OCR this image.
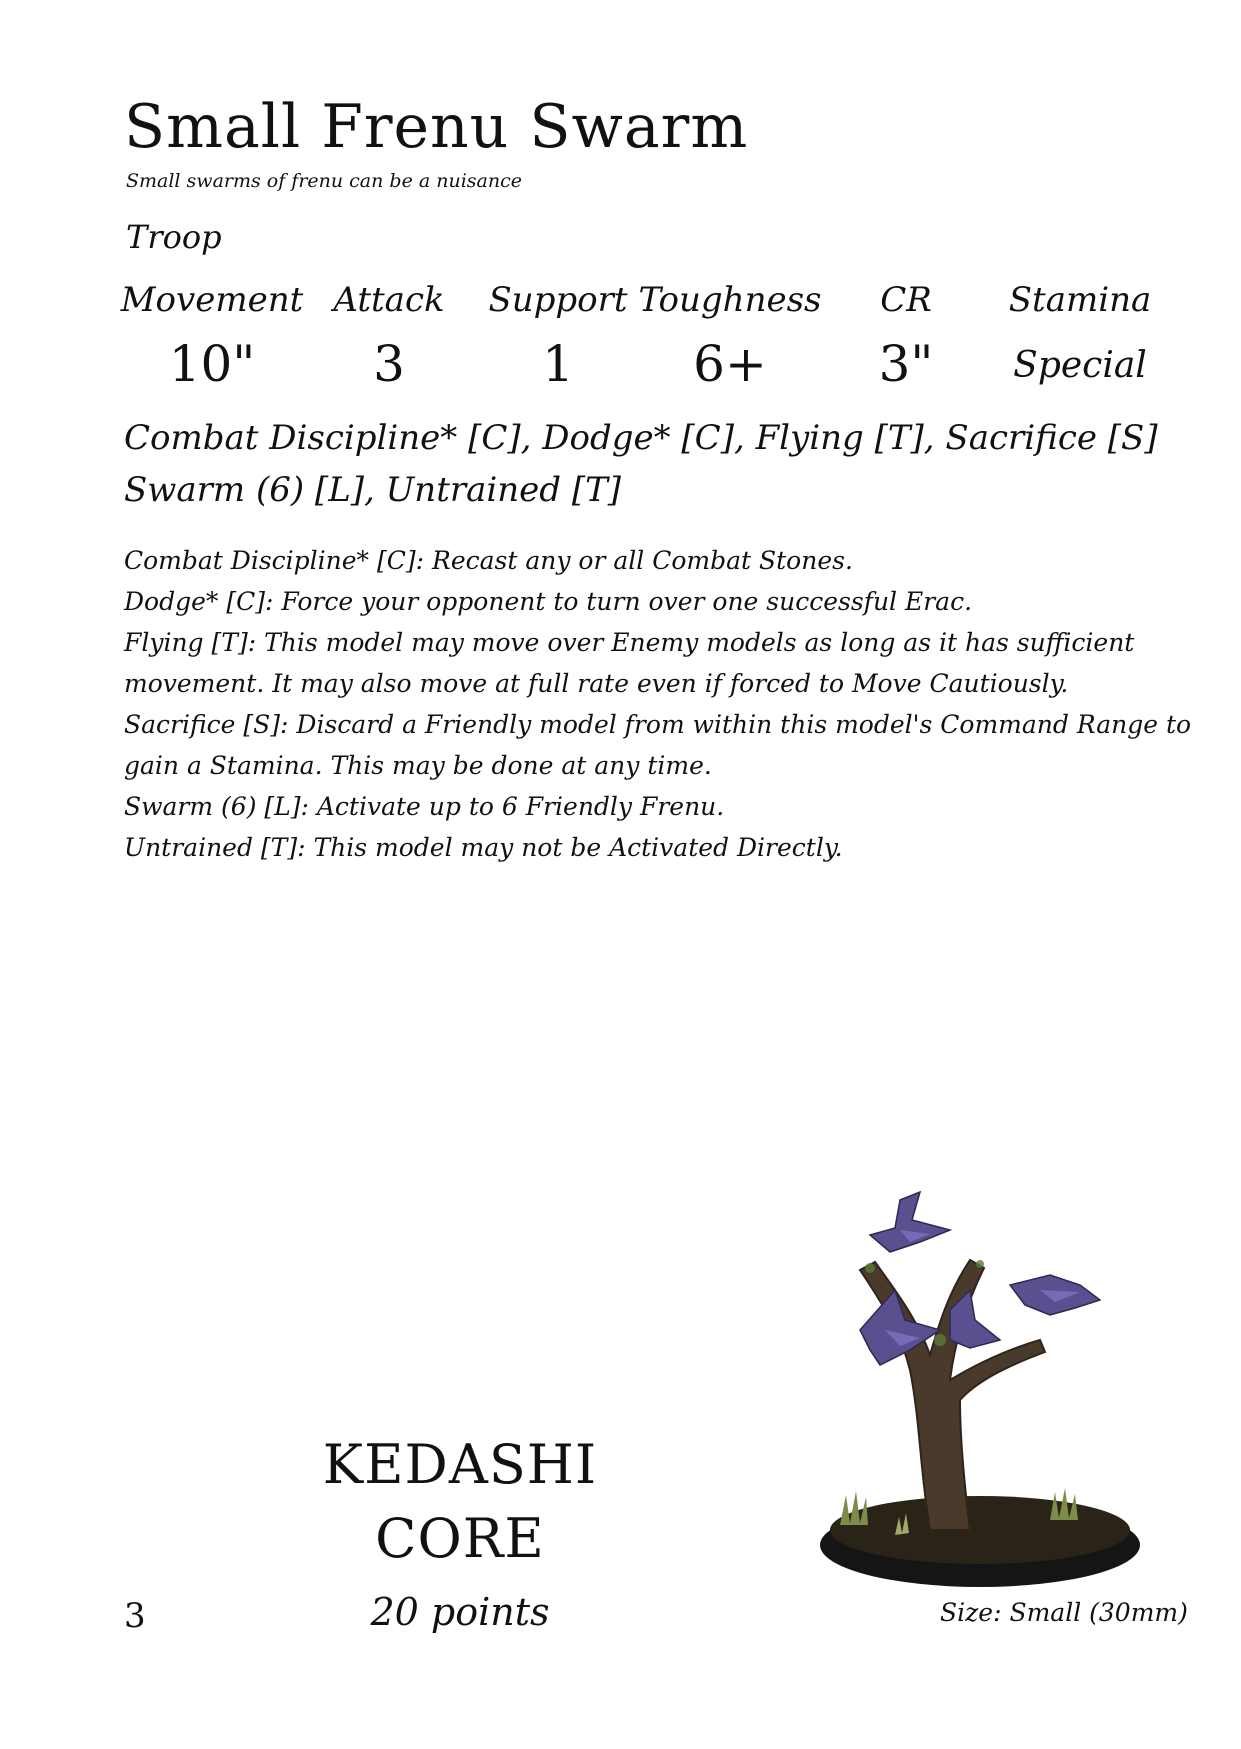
Small Frenu Swarm
Small swarms of frenu can be a nuisance
Troop
Movement
10"
Attack
3
Support
1
Toughness
6+
CR
3"
Stamina
Special
Combat Discipline* [C], Dodge* [C], Flying [T], Sacrifice [S]
Swarm (6) [L], Untrained [T]
Combat Discipline* [C]: Recast any or all Combat Stones.
Dodge* [C]: Force your opponent to turn over one successful Erac.
Flying [T]: This model may move over Enemy models as long as it has sufficient
movement. It may also move at full rate even if forced to Move Cautiously.
Sacrifice [S]: Discard a Friendly model from within this model's Command Range to
gain a Stamina. This may be done at any time.
Swarm (6) [L]: Activate up to 6 Friendly Frenu.
Untrained [T]: This model may not be Activated Directly.
KEDASHI
CORE
20 points
3	Size: Small (30mm)
